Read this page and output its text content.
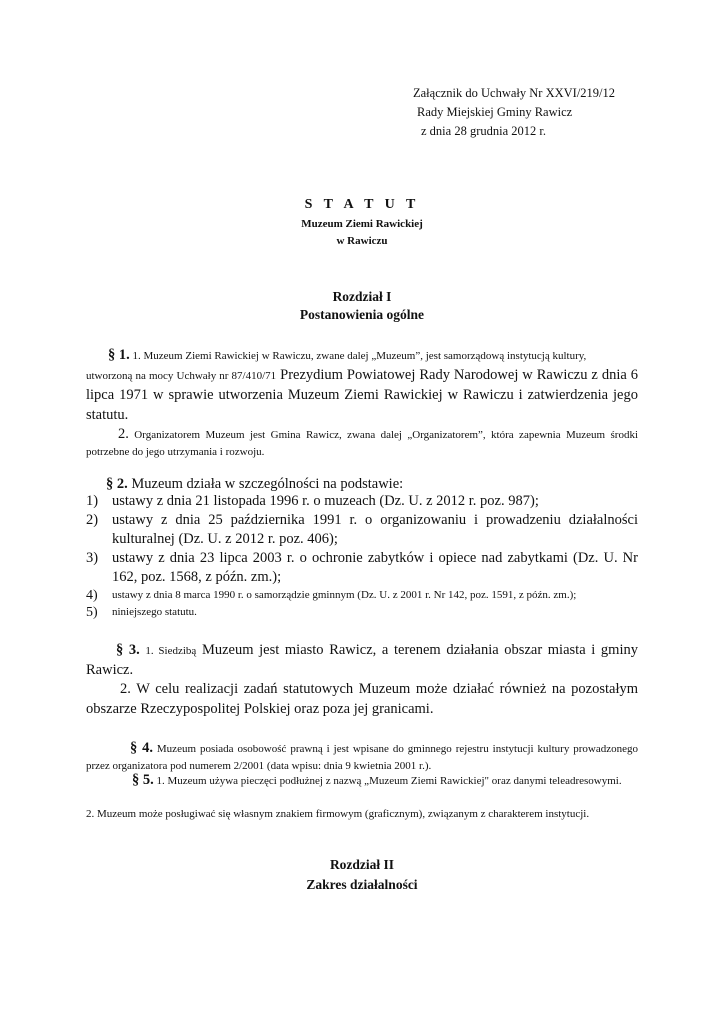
Załącznik do Uchwały Nr XXVI/219/12
Rady Miejskiej Gminy Rawicz
z dnia 28 grudnia 2012 r.
S T A T U T
Muzeum Ziemi Rawickiej
w Rawiczu
Rozdział I
Postanowienia ogólne
§ 1. 1. Muzeum Ziemi Rawickiej w Rawiczu, zwane dalej „Muzeum”, jest samorządową instytucją kultury,
utworzoną na mocy Uchwały nr 87/410/71 Prezydium Powiatowej Rady Narodowej w Rawiczu z dnia 6 lipca 1971 w sprawie utworzenia Muzeum Ziemi Rawickiej w Rawiczu i zatwierdzenia jego statutu.
2. Organizatorem Muzeum jest Gmina Rawicz, zwana dalej „Organizatorem”, która zapewnia Muzeum środki potrzebne do jego utrzymania i rozwoju.
§ 2. Muzeum działa w szczególności na podstawie:
1) ustawy z dnia 21 listopada 1996 r. o muzeach (Dz. U. z 2012 r. poz. 987);
2) ustawy z dnia 25 października 1991 r. o organizowaniu i prowadzeniu działalności kulturalnej (Dz. U. z 2012 r. poz. 406);
3) ustawy z dnia 23 lipca 2003 r. o ochronie zabytków i opiece nad zabytkami (Dz. U. Nr 162, poz. 1568, z późn. zm.);
4)	ustawy z dnia 8 marca 1990 r. o samorządzie gminnym (Dz. U. z 2001 r. Nr 142, poz. 1591, z późn. zm.);
5)	niniejszego statutu.
§ 3. 1. Siedzibą Muzeum jest miasto Rawicz, a terenem działania obszar miasta i gminy Rawicz.
2. W celu realizacji zadań statutowych Muzeum może działać również na pozostałym obszarze Rzeczypospolitej Polskiej oraz poza jej granicami.
§ 4. Muzeum posiada osobowość prawną i jest wpisane do gminnego rejestru instytucji kultury prowadzonego przez organizatora pod numerem 2/2001 (data wpisu: dnia 9 kwietnia 2001 r.).
§ 5. 1. Muzeum używa pieczęci podłużnej z nazwą „Muzeum Ziemi Rawickiej" oraz danymi teleadresowymi.
2. Muzeum może posługiwać się własnym znakiem firmowym (graficznym), związanym z charakterem instytucji.
Rozdział II
Zakres działalności
